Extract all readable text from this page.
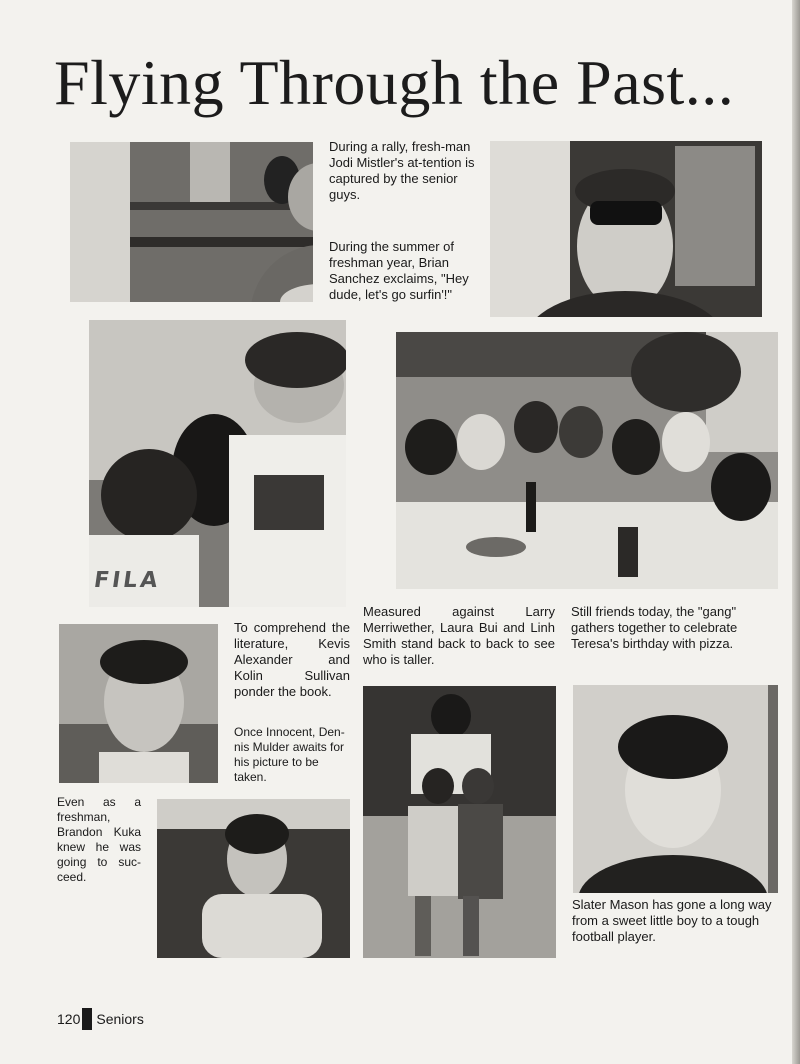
Flying Through the Past...

During a rally, fresh-man Jodi Mistler's at-tention is captured by the senior guys.

During the summer of freshman year, Brian Sanchez exclaims, "Hey dude, let's go surfin'!"

FILA

Measured against Larry Merriwether, Laura Bui and Linh Smith stand back to back to see who is taller.

Still friends today, the "gang" gathers together to celebrate Teresa's birthday with pizza.

To comprehend the literature, Kevis Alexander and Kolin Sullivan ponder the book.

Once Innocent, Den-nis Mulder awaits for his picture to be taken.

Slater Mason has gone a long way from a sweet little boy to a tough football player.

Even as a freshman, Brandon Kuka knew he was going to suc-ceed.

120 Seniors
